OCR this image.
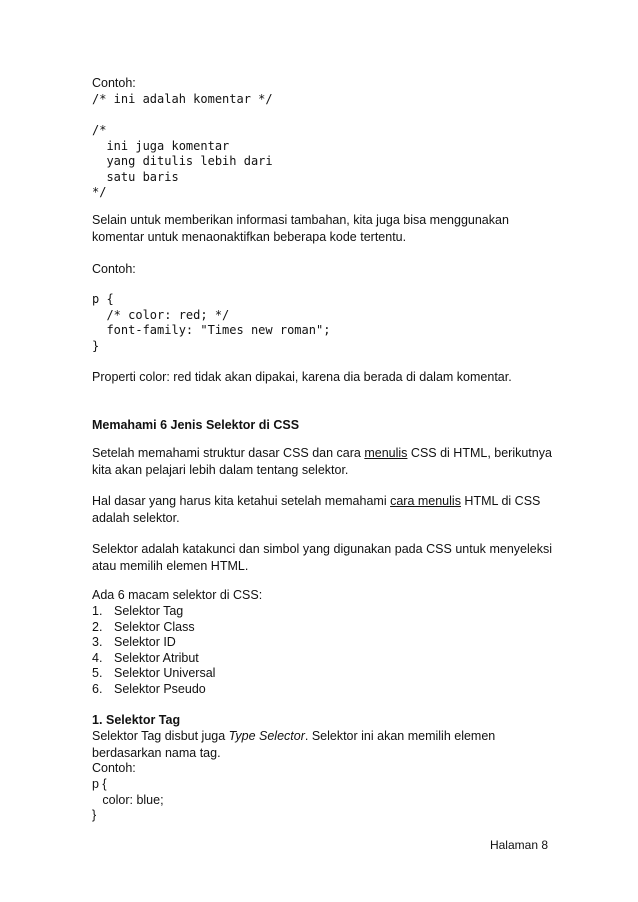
Contoh:
/* ini adalah komentar */

/*
ini juga komentar
yang ditulis lebih dari
satu baris
*/
Selain untuk memberikan informasi tambahan, kita juga bisa menggunakan komentar untuk menaonaktifkan beberapa kode tertentu.
Contoh:
p {
/* color: red; */
font-family: "Times new roman";
}
Properti color: red tidak akan dipakai, karena dia berada di dalam komentar.
Memahami 6 Jenis Selektor di CSS
Setelah memahami struktur dasar CSS dan cara menulis CSS di HTML, berikutnya kita akan pelajari lebih dalam tentang selektor.
Hal dasar yang harus kita ketahui setelah memahami cara menulis HTML di CSS adalah selektor.
Selektor adalah katakunci dan simbol yang digunakan pada CSS untuk menyeleksi atau memilih elemen HTML.
Ada 6 macam selektor di CSS:
1. Selektor Tag
2. Selektor Class
3. Selektor ID
4. Selektor Atribut
5. Selektor Universal
6. Selektor Pseudo
1. Selektor Tag
Selektor Tag disbut juga Type Selector. Selektor ini akan memilih elemen berdasarkan nama tag.
Contoh:
p {
color: blue;
}
Halaman 8
